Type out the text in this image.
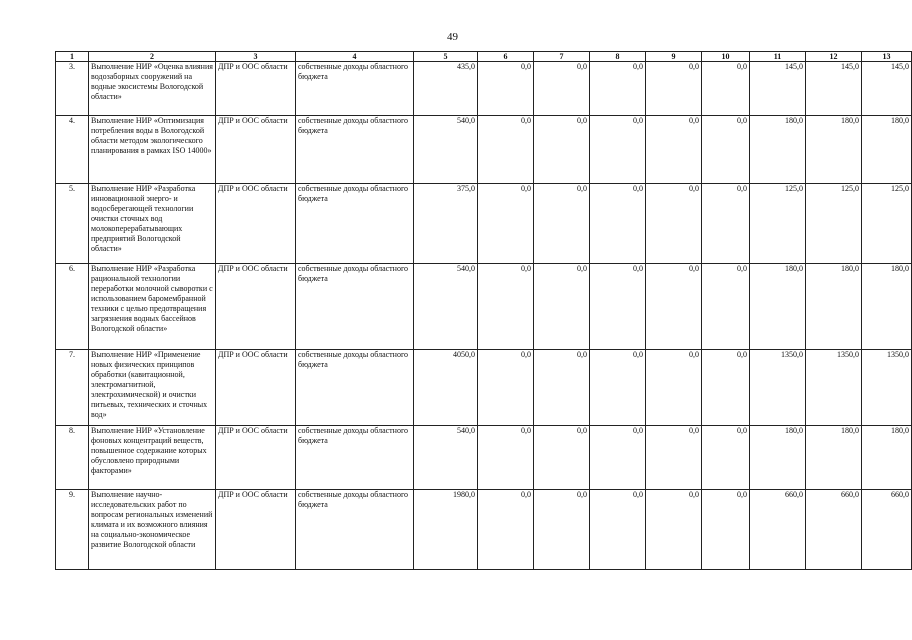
49
1	2	3	4	5	6	7	8	9	10	11	12	13
3.	Выполнение НИР «Оценка влияния водозаборных сооружений на водные экосистемы Вологодской области»	ДПР и ООС области	собственные доходы областного бюджета	435,0	0,0	0,0	0,0	0,0	0,0	145,0	145,0	145,0
4.	Выполнение НИР «Оптимизация потребления воды в Вологодской области методом экологического планирования в рамках ISO 14000»	ДПР и ООС области	собственные доходы областного бюджета	540,0	0,0	0,0	0,0	0,0	0,0	180,0	180,0	180,0
5.	Выполнение НИР «Разработка инновационной энерго- и водосберегающей технологии очистки сточных вод молокоперерабатывающих предприятий Вологодской области»	ДПР и ООС области	собственные доходы областного бюджета	375,0	0,0	0,0	0,0	0,0	0,0	125,0	125,0	125,0
6.	Выполнение НИР «Разработка рациональной технологии переработки молочной сыворотки с использованием баромембранной техники с целью предотвращения загрязнения водных бассейнов Вологодской области»	ДПР и ООС области	собственные доходы областного бюджета	540,0	0,0	0,0	0,0	0,0	0,0	180,0	180,0	180,0
7.	Выполнение НИР «Применение новых физических принципов обработки (кавитационной, электромагнитной, электрохимической) и очистки питьевых, технических и сточных вод»	ДПР и ООС области	собственные доходы областного бюджета	4050,0	0,0	0,0	0,0	0,0	0,0	1350,0	1350,0	1350,0
8.	Выполнение НИР «Установление фоновых концентраций веществ, повышенное содержание которых обусловлено природными факторами»	ДПР и ООС области	собственные доходы областного бюджета	540,0	0,0	0,0	0,0	0,0	0,0	180,0	180,0	180,0
9.	Выполнение научно-исследовательских работ по вопросам региональных изменений климата и их возможного влияния на социально-экономическое развитие Вологодской области	ДПР и ООС области	собственные доходы областного бюджета	1980,0	0,0	0,0	0,0	0,0	0,0	660,0	660,0	660,0
